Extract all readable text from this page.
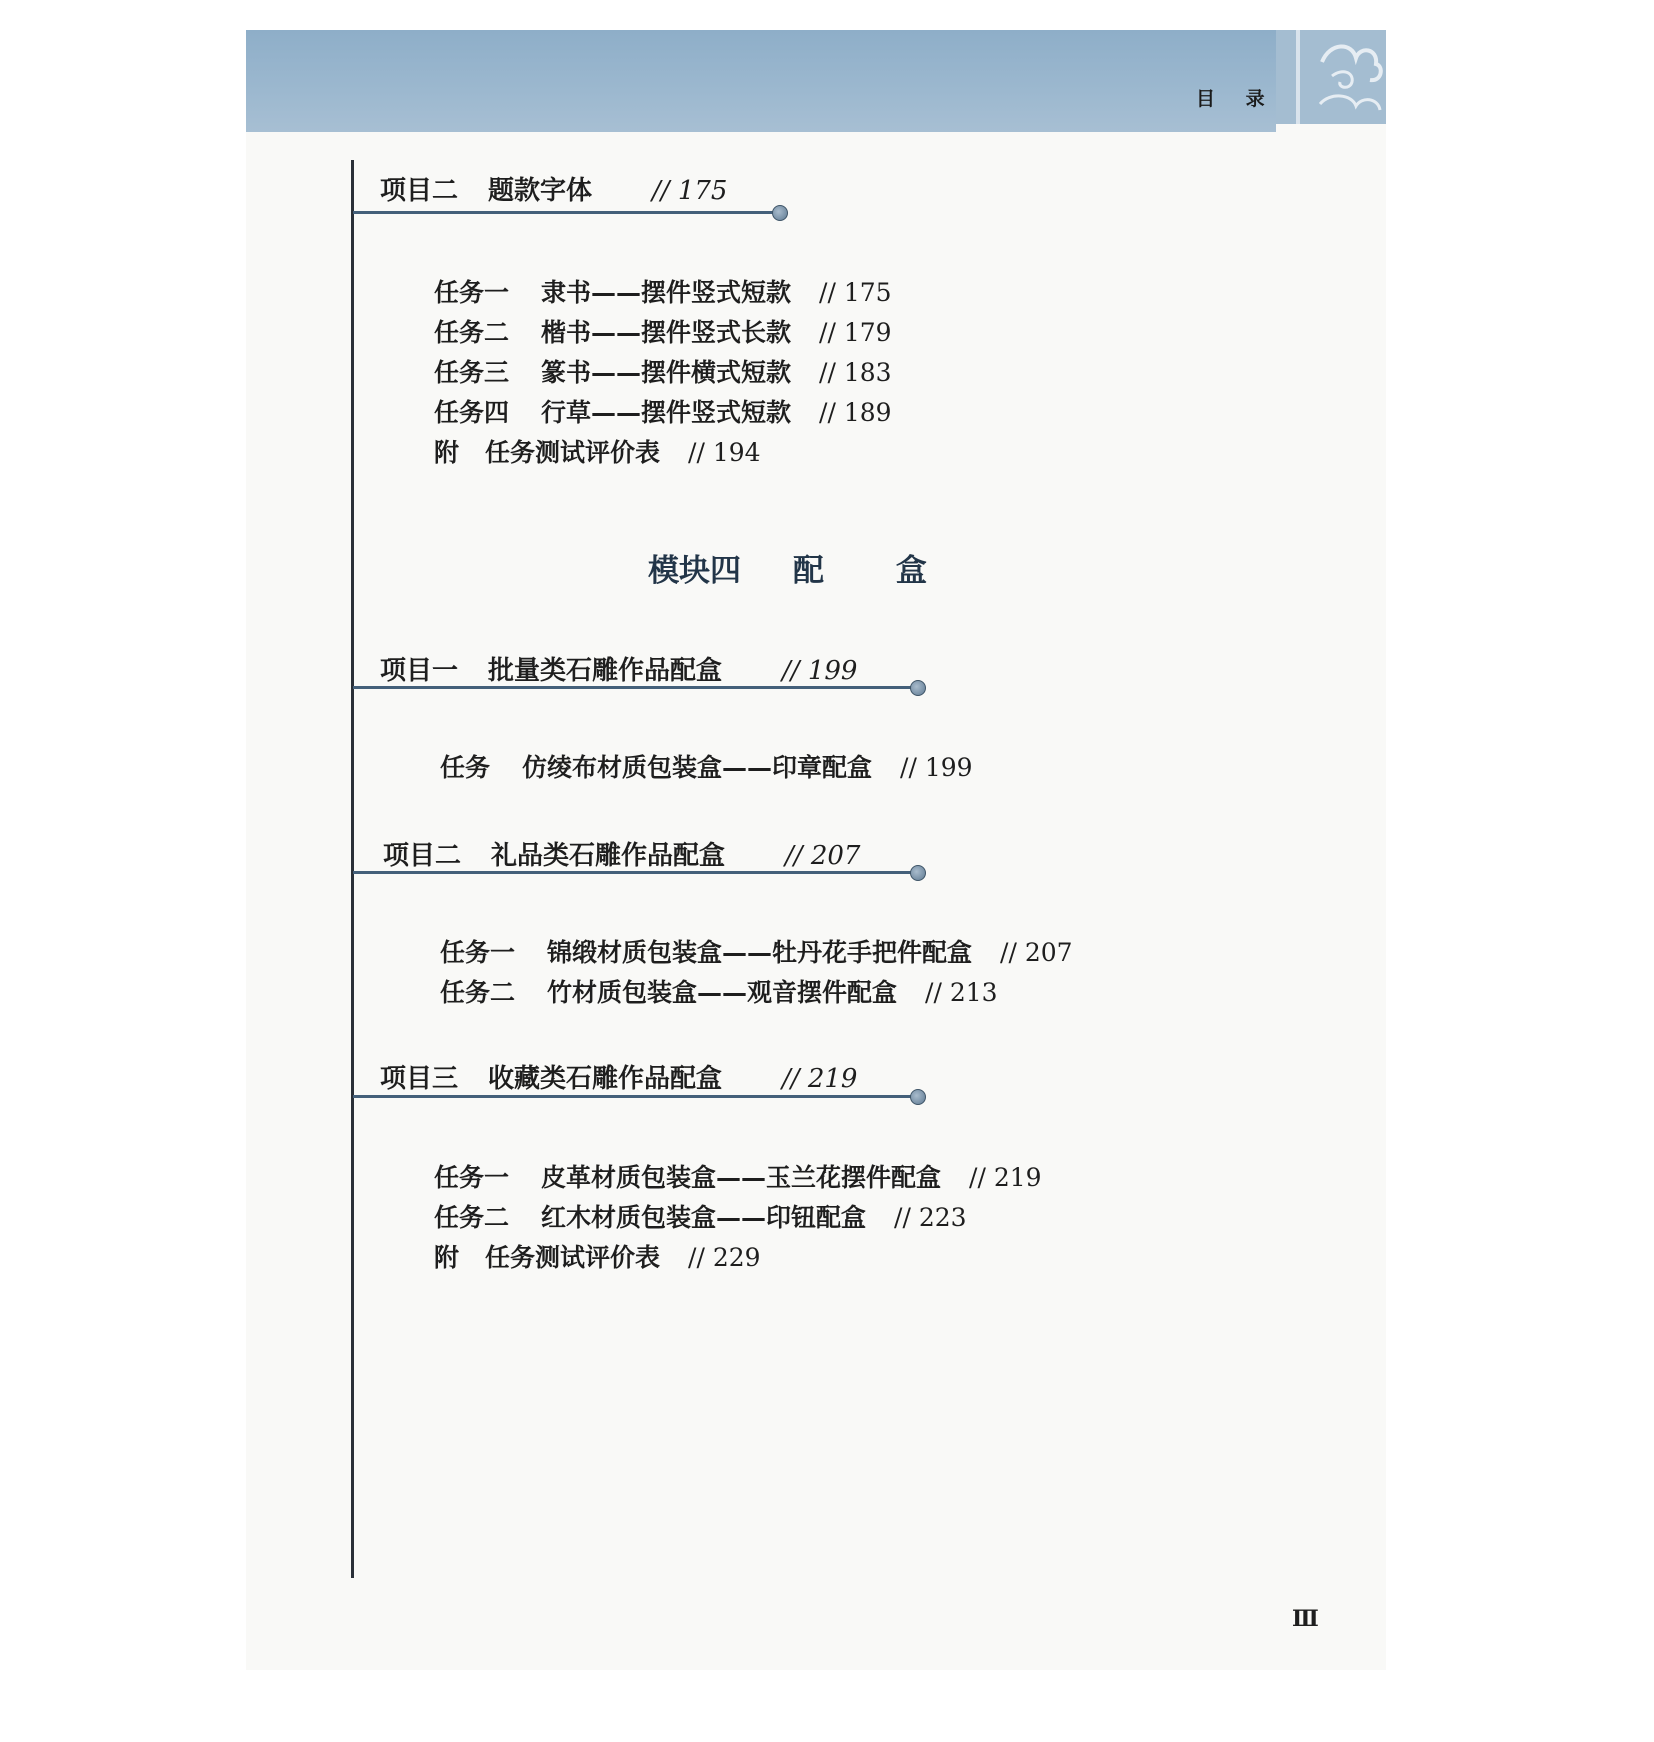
目 录
项目二 题款字体 // 175
任务一 隶书——摆件竖式短款 // 175
任务二 楷书——摆件竖式长款 // 179
任务三 篆书——摆件横式短款 // 183
任务四 行草——摆件竖式短款 // 189
附 任务测试评价表 // 194
模块四 配盒
项目一 批量类石雕作品配盒 // 199
任务 仿绫布材质包装盒——印章配盒 // 199
项目二 礼品类石雕作品配盒 // 207
任务一 锦缎材质包装盒——牡丹花手把件配盒 // 207
任务二 竹材质包装盒——观音摆件配盒 // 213
项目三 收藏类石雕作品配盒 // 219
任务一 皮革材质包装盒——玉兰花摆件配盒 // 219
任务二 红木材质包装盒——印钮配盒 // 223
附 任务测试评价表 // 229
Ⅲ
